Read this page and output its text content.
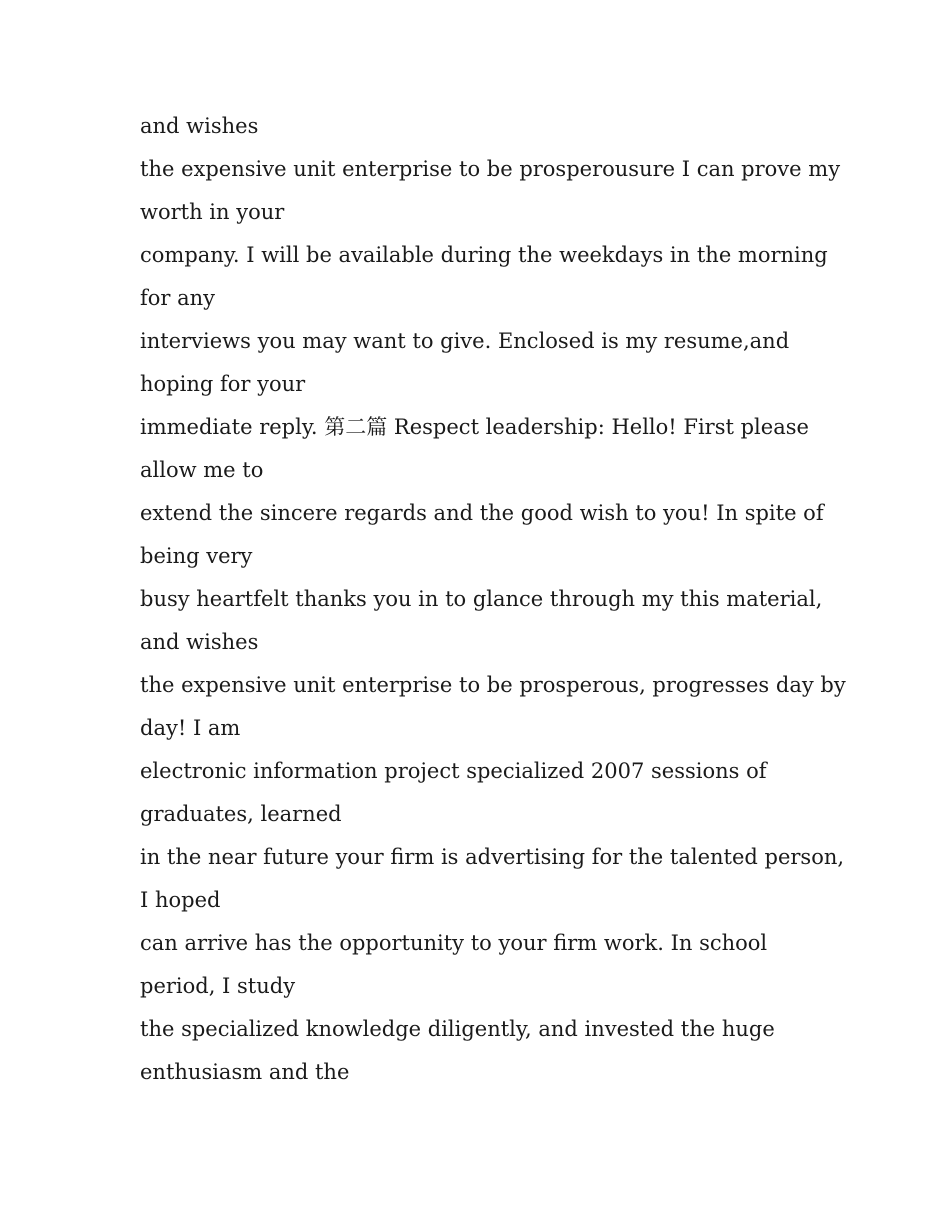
and wishes
the expensive unit enterprise to be prosperousure I can prove my
worth in your
company. I will be available during the weekdays in the morning
for any
interviews you may want to give. Enclosed is my resume,and
hoping for your
immediate reply. 第二篇 Respect leadership: Hello! First please
allow me to
extend the sincere regards and the good wish to you! In spite of
being very
busy heartfelt thanks you in to glance through my this material,
and wishes
the expensive unit enterprise to be prosperous, progresses day by
day! I am
electronic information project specialized 2007 sessions of
graduates, learned
in the near future your firm is advertising for the talented person,
I hoped
can arrive has the opportunity to your firm work. In school
period, I study
the specialized knowledge diligently, and invested the huge
enthusiasm and the
